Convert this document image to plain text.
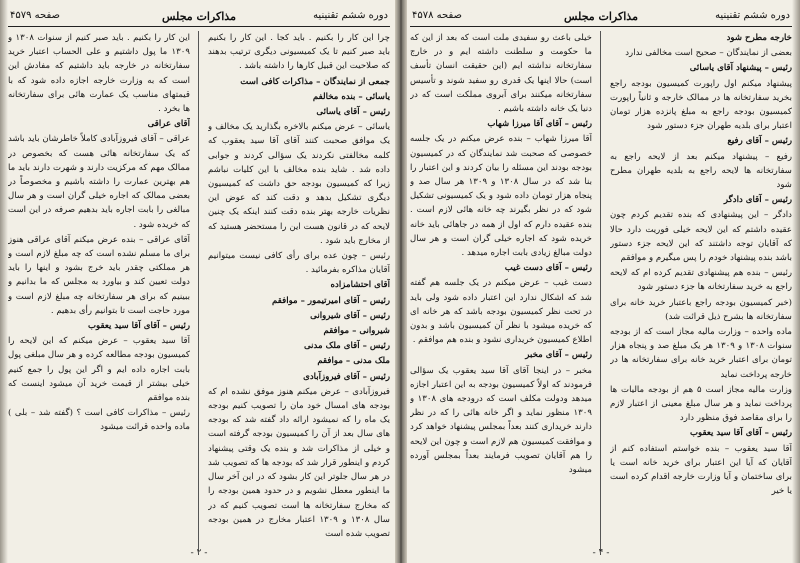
دوره ششم تقنینیه
مذاکرات مجلس
صفحه ۴۵۷۹

چرا این کار را بکنیم . باید کجا . این کار را بکنیم باید صبر کنیم تا یک کمیسیونی دیگری ترتیب بدهند که صلاحیت این قبیل کارها را داشته باشد .

جمعی از نمایندگان – مذاکرات کافی است

یاسائی – بنده مخالفم

رئیس – آقای یاسائی

یاسائی – عرض میکنم بالاخره بگذارید یک مخالف و یک موافق صحبت کنند آقای آقا سید یعقوب که کلمه مخالفتی نکردند یک سؤالی کردند و جوابی داده شد . شاید بنده مخالف با این کلیات نباشم زیرا که کمیسیون بودجه حق داشت که کمیسیون دیگری تشکیل بدهد و دقت کند که عوض این نظریات خارجه بهتر بنده دقت کنند اینکه یک چنین لایحه که در قانون هست این را مستحضر هستید که از مخارج باید شود .

رئیس – چون عده برای رأی کافی نیست میتوانیم آقایان مذاکره بفرمائید .

آقای احتشامزاده

رئیس – آقای امیرتیمور – موافقم

رئیس – آقای شیروانی

شیروانی – موافقم

رئیس – آقای ملک مدنی

ملک مدنی – موافقم

رئیس – آقای فیروزآبادی

فیروزآبادی – عرض میکنم هنوز موفق نشده ام که بودجه های امسال خود مان را تصویب کنیم بودجه یک ماه را که نمیشود ارائه داد گفته شد که بودجه های سال بعد از آن را کمیسیون بودجه گرفته است و خیلی از مذاکرات شد و بنده یک وقتی پیشنهاد کردم و اینطور قرار شد که بودجه ها که تصویب شد در هر سال جلوتر این کار بشود که در این آخر سال ما اینطور معطل نشویم و در حدود همین بودجه را که مخارج سفارتخانه ها است تصویب کنیم که در سال ۱۳۰۸ و ۱۳۰۹ اعتبار مخارج در همین بودجه تصویب شده است

این کار را بکنیم . باید صبر کنیم از سنوات ۱۳۰۸ و ۱۳۰۹ ما پول داشتیم و علی الحساب اعتبار خرید سفارتخانه در خارجه باید داشتیم که مفادش این است که به وزارت خارجه اجازه داده شود که با قیمتهای مناسب یک عمارت هائی برای سفارتخانه ها بخرد .

آقای عراقی

عراقی – آقای فیروزآبادی کاملاً خاطرشان باید باشد که یک سفارتخانه هائی هست که بخصوص در ممالک مهم که مرکزیت دارند و شهرت دارند باید ما هم بهترین عمارت را داشته باشیم و مخصوصاً در بعضی ممالک که اجاره خیلی گران است و هر سال مبالغی را بابت اجاره باید بدهیم صرفه در این است که خریده شود .

آقای عراقی – بنده عرض میکنم آقای عراقی هنوز برای ما مسلم نشده است که چه مبلغ لازم است و هر مملکتی چقدر باید خرج بشود و اینها را باید دولت تعیین کند و بیاورد به مجلس که ما بدانیم و ببینیم که برای هر سفارتخانه چه مبلغ لازم است و مورد حاجت است تا بتوانیم رأی بدهیم .

رئیس – آقای آقا سید یعقوب

آقا سید یعقوب – عرض میکنم که این لایحه را کمیسیون بودجه مطالعه کرده و هر سال مبلغی پول بابت اجاره داده ایم و اگر این پول را جمع کنیم خیلی بیشتر از قیمت خرید آن میشود اینست که بنده موافقم

رئیس – مذاکرات کافی است ؟ (گفته شد – بلی ) ماده واحده قرائت میشود

- ۲ -
دوره ششم تقنینیه
مذاکرات مجلس
صفحه ۴۵۷۸

خارجه مطرح شود

بعضی از نمایندگان – صحیح است مخالفی ندارد

رئیس – پیشنهاد آقای یاسائی

پیشنهاد میکنم اول راپورت کمیسیون بودجه راجع بخرید سفارتخانه ها در ممالک خارجه و ثانیاً راپورت کمیسیون بودجه راجع به مبلغ پانزده هزار تومان اعتبار برای بلدیه طهران جزء دستور شود

رئیس – آقای رفیع

رفیع – پیشنهاد میکنم بعد از لایحه راجع به سفارتخانه ها لایحه راجع به بلدیه طهران مطرح شود

رئیس – آقای دادگر

دادگر – این پیشنهادی که بنده تقدیم کردم چون عقیده داشتم که این لایحه خیلی فوریت دارد حالا که آقایان توجه داشتند که این لایحه جزء دستور باشد بنده پیشنهاد خودم را پس میگیرم و موافقم

رئیس – بنده هم پیشنهادی تقدیم کرده ام که لایحه راجع به خرید سفارتخانه ها جزء دستور شود

(خبر کمیسیون بودجه راجع باعتبار خرید خانه برای سفارتخانه ها بشرح ذیل قرائت شد)

ماده واحده – وزارت مالیه مجاز است که از بودجه سنوات ۱۳۰۸ و ۱۳۰۹ هر یک مبلغ صد و پنجاه هزار تومان برای اعتبار خرید خانه برای سفارتخانه ها در خارجه پرداخت نماید

وزارت مالیه مجاز است ۵ هم از بودجه مالیات ها پرداخت نماید و هر سال مبلغ معینی از اعتبار لازم را برای مقاصد فوق منظور دارد

رئیس – آقای آقا سید یعقوب

آقا سید یعقوب – بنده خواستم استفاده کنم از آقایان که آیا این اعتبار برای خرید خانه است یا برای ساختمان و آیا وزارت خارجه اقدام کرده است یا خیر

خیلی باعث رو سفیدی ملت است که بعد از این که ما حکومت و سلطنت داشته ایم و در خارج سفارتخانه نداشته ایم (این حقیقت انسان تأسف است) حالا اینها یک قدری رو سفید شوند و تأسیس سفارتخانه میکنند برای آبروی مملکت است که در دنیا یک خانه داشته باشیم .

رئیس – آقای آقا میرزا شهاب

آقا میرزا شهاب – بنده عرض میکنم در یک جلسه خصوصی که صحبت شد نمایندگان که در کمیسیون بودجه بودند این مسئله را بیان کردند و این اعتبار را بنا شد که در سال ۱۳۰۸ و ۱۳۰۹ هر سال صد و پنجاه هزار تومان داده شود و یک کمیسیونی تشکیل شود که در نظر بگیرند چه خانه هائی لازم است . بنده عقیده دارم که اول از همه در جاهائی باید خانه خریده شود که اجاره خیلی گران است و هر سال دولت مبالغ زیادی بابت اجاره میدهد .

رئیس – آقای دست غیب

دست غیب – عرض میکنم در یک جلسه هم گفته شد که اشکال ندارد این اعتبار داده شود ولی باید در تحت نظر کمیسیون بودجه باشد که هر خانه ای که خریده میشود با نظر آن کمیسیون باشد و بدون اطلاع کمیسیون خریداری نشود و بنده هم موافقم .

رئیس – آقای مخبر

مخبر – در اینجا آقای آقا سید یعقوب یک سؤالی فرمودند که اولاً کمیسیون بودجه به این اعتبار اجازه میدهد ودولت مکلف است که درودجه های ۱۳۰۸ و ۱۳۰۹ منظور نماید و اگر خانه هائی را که در نظر دارند خریداری کنند بعداً بمجلس پیشنهاد خواهد کرد و موافقت کمیسیون هم لازم است و چون این لایحه را هم آقایان تصویب فرمایند بعداً بمجلس آورده میشود

- ۴ -
